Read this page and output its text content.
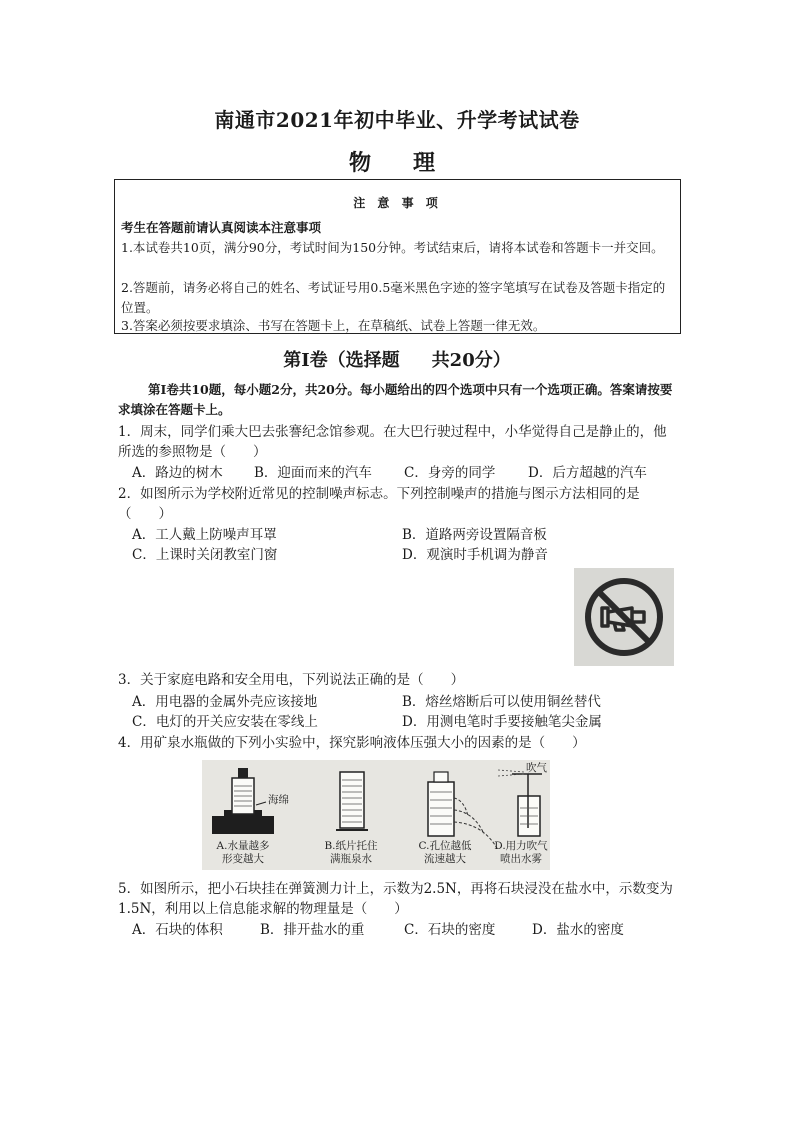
南通市2021年初中毕业、升学考试试卷
物　理
注 意 事 项
考生在答题前请认真阅读本注意事项
1.本试卷共10页，满分90分，考试时间为150分钟。考试结束后，请将本试卷和答题卡一并交回。
2.答题前，请务必将自己的姓名、考试证号用0.5毫米黑色字迹的签字笔填写在试卷及答题卡指定的位置。
3.答案必须按要求填涂、书写在答题卡上，在草稿纸、试卷上答题一律无效。
第Ⅰ卷（选择题 共20分）
第Ⅰ卷共10题，每小题2分，共20分。每小题给出的四个选项中只有一个选项正确。答案请按要求填涂在答题卡上。
1．周末，同学们乘大巴去张謇纪念馆参观。在大巴行驶过程中，小华觉得自己是静止的，他所选的参照物是（　　）
A．路边的树木 B．迎面而来的汽车 C．身旁的同学 D．后方超越的汽车
2．如图所示为学校附近常见的控制噪声标志。下列控制噪声的措施与图示方法相同的是（　　）
A．工人戴上防噪声耳罩	B．道路两旁设置隔音板
C．上课时关闭教室门窗	D．观演时手机调为静音
3．关于家庭电路和安全用电，下列说法正确的是（　　）
A．用电器的金属外壳应该接地	B．熔丝熔断后可以使用铜丝替代
C．电灯的开关应安装在零线上	D．用测电笔时手要接触笔尖金属
4．用矿泉水瓶做的下列小实验中，探究影响液体压强大小的因素的是（　　）
海绵
吹气
A.水量越多
形变越大
B.纸片托住
满瓶泉水
C.孔位越低
流速越大
D.用力吹气
喷出水雾
5．如图所示，把小石块挂在弹簧测力计上，示数为2.5N，再将石块浸没在盐水中，示数变为1.5N，利用以上信息能求解的物理量是（　　）
A．石块的体积	B．排开盐水的重	C．石块的密度	D．盐水的密度
